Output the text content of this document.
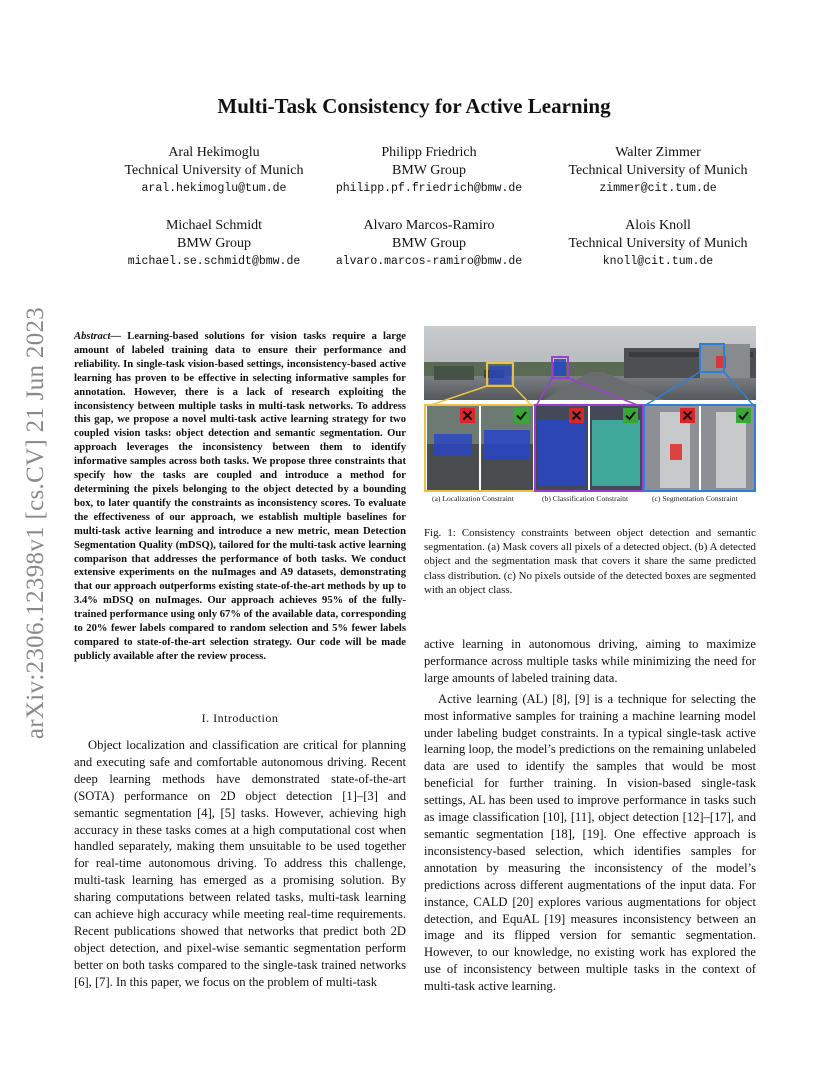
arXiv:2306.12398v1 [cs.CV] 21 Jun 2023
Multi-Task Consistency for Active Learning
Aral Hekimoglu
Technical University of Munich
aral.hekimoglu@tum.de
Philipp Friedrich
BMW Group
philipp.pf.friedrich@bmw.de
Walter Zimmer
Technical University of Munich
zimmer@cit.tum.de
Michael Schmidt
BMW Group
michael.se.schmidt@bmw.de
Alvaro Marcos-Ramiro
BMW Group
alvaro.marcos-ramiro@bmw.de
Alois Knoll
Technical University of Munich
knoll@cit.tum.de
Abstract— Learning-based solutions for vision tasks require a large amount of labeled training data to ensure their performance and reliability. In single-task vision-based settings, inconsistency-based active learning has proven to be effective in selecting informative samples for annotation. However, there is a lack of research exploiting the inconsistency between multiple tasks in multi-task networks. To address this gap, we propose a novel multi-task active learning strategy for two coupled vision tasks: object detection and semantic segmentation. Our approach leverages the inconsistency between them to identify informative samples across both tasks. We propose three constraints that specify how the tasks are coupled and introduce a method for determining the pixels belonging to the object detected by a bounding box, to later quantify the constraints as inconsistency scores. To evaluate the effectiveness of our approach, we establish multiple baselines for multi-task active learning and introduce a new metric, mean Detection Segmentation Quality (mDSQ), tailored for the multi-task active learning comparison that addresses the performance of both tasks. We conduct extensive experiments on the nuImages and A9 datasets, demonstrating that our approach outperforms existing state-of-the-art methods by up to 3.4% mDSQ on nuImages. Our approach achieves 95% of the fully-trained performance using only 67% of the available data, corresponding to 20% fewer labels compared to random selection and 5% fewer labels compared to state-of-the-art selection strategy. Our code will be made publicly available after the review process.
I. Introduction

Object localization and classification are critical for planning and executing safe and comfortable autonomous driving. Recent deep learning methods have demonstrated state-of-the-art (SOTA) performance on 2D object detection [1]–[3] and semantic segmentation [4], [5] tasks. However, achieving high accuracy in these tasks comes at a high computational cost when handled separately, making them unsuitable to be used together for real-time autonomous driving. To address this challenge, multi-task learning has emerged as a promising solution. By sharing computations between related tasks, multi-task learning can achieve high accuracy while meeting real-time requirements. Recent publications showed that networks that predict both 2D object detection, and pixel-wise semantic segmentation perform better on both tasks compared to the single-task trained networks [6], [7]. In this paper, we focus on the problem of multi-task

active learning in autonomous driving, aiming to maximize performance across multiple tasks while minimizing the need for large amounts of labeled training data.

Active learning (AL) [8], [9] is a technique for selecting the most informative samples for training a machine learning model under labeling budget constraints. In a typical single-task active learning loop, the model’s predictions on the remaining unlabeled data are used to identify the samples that would be most beneficial for further training. In vision-based single-task settings, AL has been used to improve performance in tasks such as image classification [10], [11], object detection [12]–[17], and semantic segmentation [18], [19]. One effective approach is inconsistency-based selection, which identifies samples for annotation by measuring the inconsistency of the model’s predictions across different augmentations of the input data. For instance, CALD [20] explores various augmentations for object detection, and EquAL [19] measures inconsistency between an image and its flipped version for semantic segmentation. However, to our knowledge, no existing work has explored the use of inconsistency between multiple tasks in the context of multi-task active learning.

(a) Localization Constraint	(b) Classification Constraint	(c) Segmentation Constraint
Fig. 1: Consistency constraints between object detection and semantic segmentation. (a) Mask covers all pixels of a detected object. (b) A detected object and the segmentation mask that covers it share the same predicted class distribution. (c) No pixels outside of the detected boxes are segmented with an object class.
